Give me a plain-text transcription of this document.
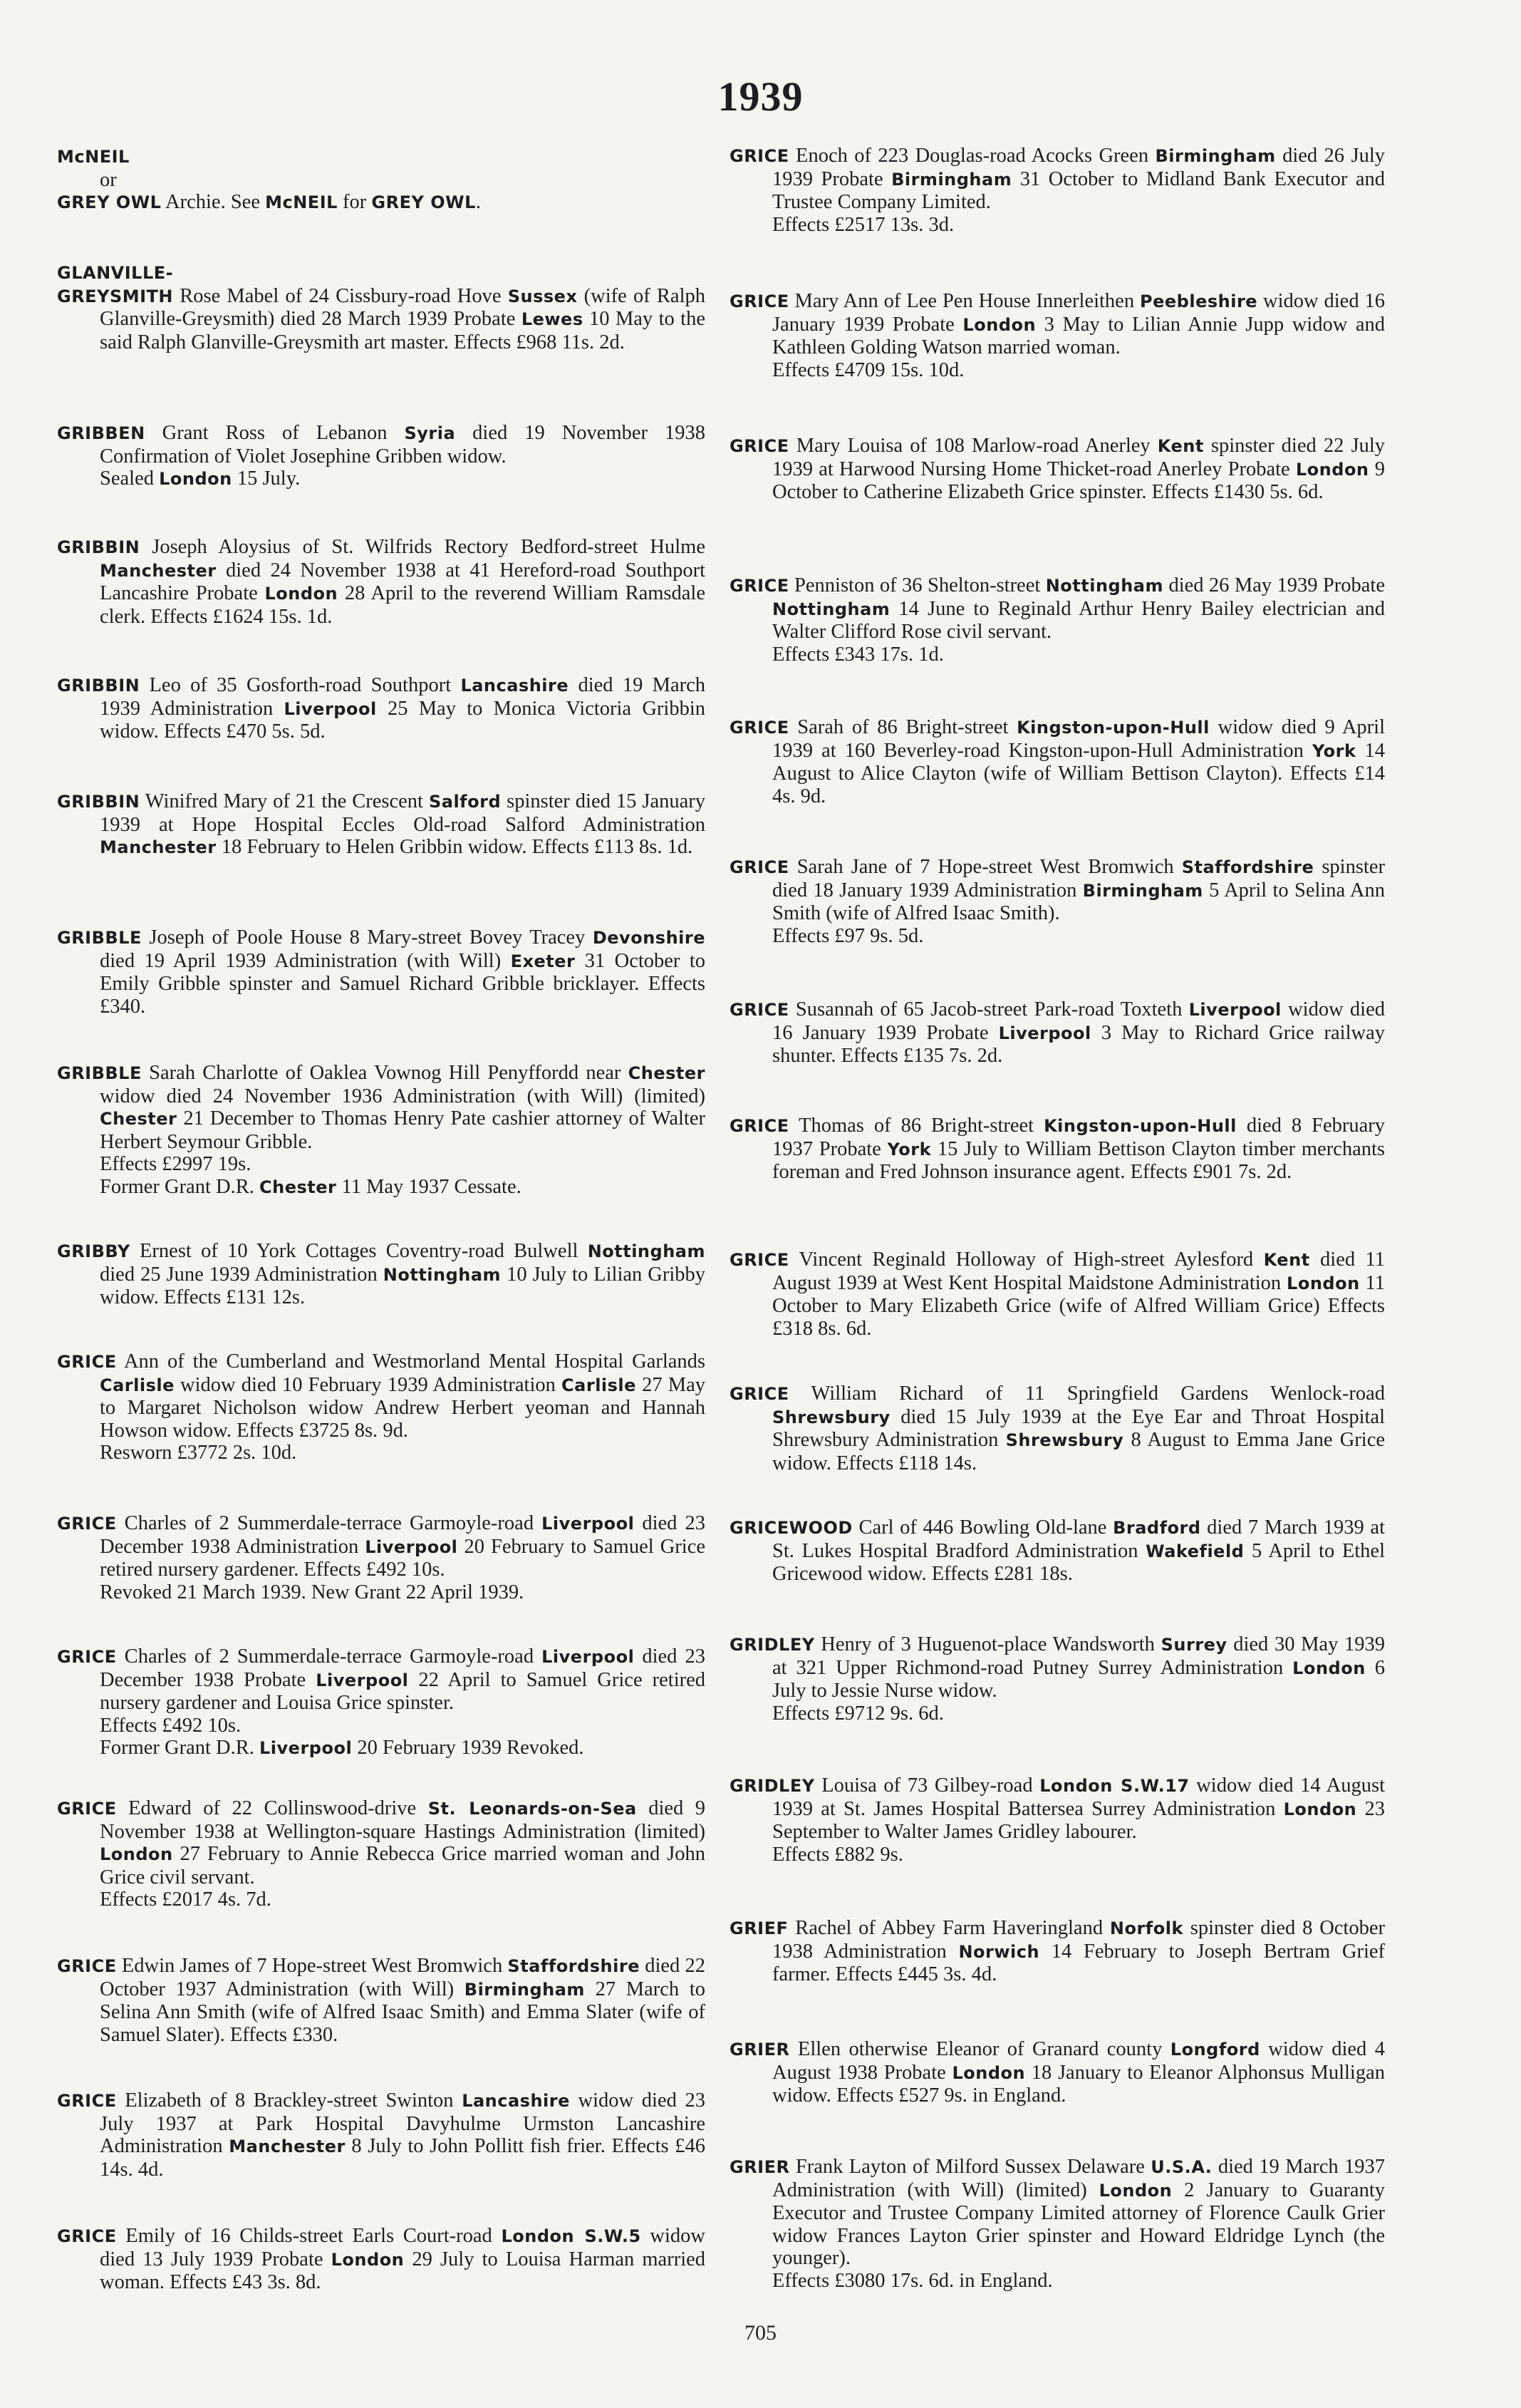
1939
McNEIL
or
GREY OWL Archie. See McNEIL for GREY OWL.
GLANVILLE-

GREYSMITH Rose Mabel of 24 Cissbury-road Hove Sussex (wife of Ralph Glanville-Greysmith) died 28 March 1939 Probate Lewes 10 May to the said Ralph Glanville-Greysmith art master. Effects £968 11s. 2d.

GRIBBEN Grant Ross of Lebanon Syria died 19 November 1938 Confirmation of Violet Josephine Gribben widow.

Sealed London 15 July.

GRIBBIN Joseph Aloysius of St. Wilfrids Rectory Bedford-street Hulme Manchester died 24 November 1938 at 41 Hereford-road Southport Lancashire Probate London 28 April to the reverend William Ramsdale clerk. Effects £1624 15s. 1d.

GRIBBIN Leo of 35 Gosforth-road Southport Lancashire died 19 March 1939 Administration Liverpool 25 May to Monica Victoria Gribbin widow. Effects £470 5s. 5d.

GRIBBIN Winifred Mary of 21 the Crescent Salford spinster died 15 January 1939 at Hope Hospital Eccles Old-road Salford Administration Manchester 18 February to Helen Gribbin widow. Effects £113 8s. 1d.

GRIBBLE Joseph of Poole House 8 Mary-street Bovey Tracey Devonshire died 19 April 1939 Administration (with Will) Exeter 31 October to Emily Gribble spinster and Samuel Richard Gribble bricklayer. Effects £340.

GRIBBLE Sarah Charlotte of Oaklea Vownog Hill Penyffordd near Chester widow died 24 November 1936 Administration (with Will) (limited) Chester 21 December to Thomas Henry Pate cashier attorney of Walter Herbert Seymour Gribble.

Effects £2997 19s.

Former Grant D.R. Chester 11 May 1937 Cessate.

GRIBBY Ernest of 10 York Cottages Coventry-road Bulwell Nottingham died 25 June 1939 Administration Nottingham 10 July to Lilian Gribby widow. Effects £131 12s.

GRICE Ann of the Cumberland and Westmorland Mental Hospital Garlands Carlisle widow died 10 February 1939 Administration Carlisle 27 May to Margaret Nicholson widow Andrew Herbert yeoman and Hannah Howson widow. Effects £3725 8s. 9d.

Resworn £3772 2s. 10d.

GRICE Charles of 2 Summerdale-terrace Garmoyle-road Liverpool died 23 December 1938 Administration Liverpool 20 February to Samuel Grice retired nursery gardener. Effects £492 10s.

Revoked 21 March 1939. New Grant 22 April 1939.

GRICE Charles of 2 Summerdale-terrace Garmoyle-road Liverpool died 23 December 1938 Probate Liverpool 22 April to Samuel Grice retired nursery gardener and Louisa Grice spinster.

Effects £492 10s.

Former Grant D.R. Liverpool 20 February 1939 Revoked.

GRICE Edward of 22 Collinswood-drive St. Leonards-on-Sea died 9 November 1938 at Wellington-square Hastings Administration (limited) London 27 February to Annie Rebecca Grice married woman and John Grice civil servant.

Effects £2017 4s. 7d.

GRICE Edwin James of 7 Hope-street West Bromwich Staffordshire died 22 October 1937 Administration (with Will) Birmingham 27 March to Selina Ann Smith (wife of Alfred Isaac Smith) and Emma Slater (wife of Samuel Slater). Effects £330.

GRICE Elizabeth of 8 Brackley-street Swinton Lancashire widow died 23 July 1937 at Park Hospital Davyhulme Urmston Lancashire Administration Manchester 8 July to John Pollitt fish frier. Effects £46 14s. 4d.

GRICE Emily of 16 Childs-street Earls Court-road London S.W.5 widow died 13 July 1939 Probate London 29 July to Louisa Harman married woman. Effects £43 3s. 8d.

GRICE Enoch of 223 Douglas-road Acocks Green Birmingham died 26 July 1939 Probate Birmingham 31 October to Midland Bank Executor and Trustee Company Limited.

Effects £2517 13s. 3d.

GRICE Mary Ann of Lee Pen House Innerleithen Peebleshire widow died 16 January 1939 Probate London 3 May to Lilian Annie Jupp widow and Kathleen Golding Watson married woman.

Effects £4709 15s. 10d.

GRICE Mary Louisa of 108 Marlow-road Anerley Kent spinster died 22 July 1939 at Harwood Nursing Home Thicket-road Anerley Probate London 9 October to Catherine Elizabeth Grice spinster. Effects £1430 5s. 6d.

GRICE Penniston of 36 Shelton-street Nottingham died 26 May 1939 Probate Nottingham 14 June to Reginald Arthur Henry Bailey electrician and Walter Clifford Rose civil servant.

Effects £343 17s. 1d.

GRICE Sarah of 86 Bright-street Kingston-upon-Hull widow died 9 April 1939 at 160 Beverley-road Kingston-upon-Hull Administration York 14 August to Alice Clayton (wife of William Bettison Clayton). Effects £14 4s. 9d.

GRICE Sarah Jane of 7 Hope-street West Bromwich Staffordshire spinster died 18 January 1939 Administration Birmingham 5 April to Selina Ann Smith (wife of Alfred Isaac Smith).

Effects £97 9s. 5d.

GRICE Susannah of 65 Jacob-street Park-road Toxteth Liverpool widow died 16 January 1939 Probate Liverpool 3 May to Richard Grice railway shunter. Effects £135 7s. 2d.

GRICE Thomas of 86 Bright-street Kingston-upon-Hull died 8 February 1937 Probate York 15 July to William Bettison Clayton timber merchants foreman and Fred Johnson insurance agent. Effects £901 7s. 2d.

GRICE Vincent Reginald Holloway of High-street Aylesford Kent died 11 August 1939 at West Kent Hospital Maidstone Administration London 11 October to Mary Elizabeth Grice (wife of Alfred William Grice) Effects £318 8s. 6d.

GRICE William Richard of 11 Springfield Gardens Wenlock-road Shrewsbury died 15 July 1939 at the Eye Ear and Throat Hospital Shrewsbury Administration Shrewsbury 8 August to Emma Jane Grice widow. Effects £118 14s.

GRICEWOOD Carl of 446 Bowling Old-lane Bradford died 7 March 1939 at St. Lukes Hospital Bradford Administration Wakefield 5 April to Ethel Gricewood widow. Effects £281 18s.

GRIDLEY Henry of 3 Huguenot-place Wandsworth Surrey died 30 May 1939 at 321 Upper Richmond-road Putney Surrey Administration London 6 July to Jessie Nurse widow.

Effects £9712 9s. 6d.

GRIDLEY Louisa of 73 Gilbey-road London S.W.17 widow died 14 August 1939 at St. James Hospital Battersea Surrey Administration London 23 September to Walter James Gridley labourer.

Effects £882 9s.

GRIEF Rachel of Abbey Farm Haveringland Norfolk spinster died 8 October 1938 Administration Norwich 14 February to Joseph Bertram Grief farmer. Effects £445 3s. 4d.

GRIER Ellen otherwise Eleanor of Granard county Longford widow died 4 August 1938 Probate London 18 January to Eleanor Alphonsus Mulligan widow. Effects £527 9s. in England.

GRIER Frank Layton of Milford Sussex Delaware U.S.A. died 19 March 1937 Administration (with Will) (limited) London 2 January to Guaranty Executor and Trustee Company Limited attorney of Florence Caulk Grier widow Frances Layton Grier spinster and Howard Eldridge Lynch (the younger).

Effects £3080 17s. 6d. in England.

705
